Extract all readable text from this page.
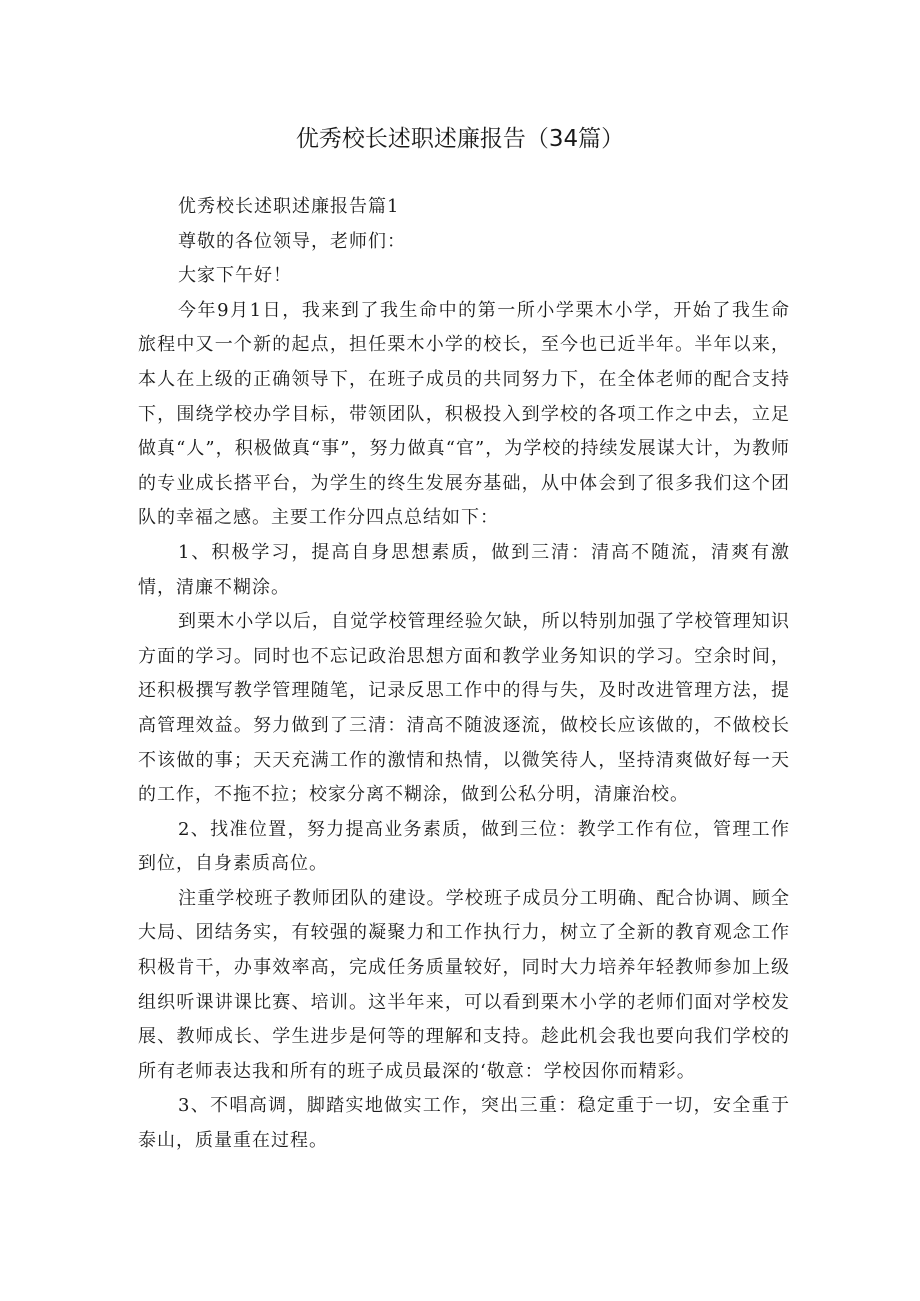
优秀校长述职述廉报告（34篇）

优秀校长述职述廉报告篇1

尊敬的各位领导，老师们：

大家下午好！

今年9月1日，我来到了我生命中的第一所小学栗木小学，开始了我生命旅程中又一个新的起点，担任栗木小学的校长，至今也已近半年。半年以来，本人在上级的正确领导下，在班子成员的共同努力下，在全体老师的配合支持下，围绕学校办学目标，带领团队，积极投入到学校的各项工作之中去，立足做真“人”，积极做真“事”，努力做真“官”，为学校的持续发展谋大计，为教师的专业成长搭平台，为学生的终生发展夯基础，从中体会到了很多我们这个团队的幸福之感。主要工作分四点总结如下：

1、积极学习，提高自身思想素质，做到三清：清高不随流，清爽有激情，清廉不糊涂。

到栗木小学以后，自觉学校管理经验欠缺，所以特别加强了学校管理知识方面的学习。同时也不忘记政治思想方面和教学业务知识的学习。空余时间，还积极撰写教学管理随笔，记录反思工作中的得与失，及时改进管理方法，提高管理效益。努力做到了三清：清高不随波逐流，做校长应该做的，不做校长不该做的事；天天充满工作的激情和热情，以微笑待人，坚持清爽做好每一天的工作，不拖不拉；校家分离不糊涂，做到公私分明，清廉治校。

2、找准位置，努力提高业务素质，做到三位：教学工作有位，管理工作到位，自身素质高位。

注重学校班子教师团队的建设。学校班子成员分工明确、配合协调、顾全大局、团结务实，有较强的凝聚力和工作执行力，树立了全新的教育观念工作积极肯干，办事效率高，完成任务质量较好，同时大力培养年轻教师参加上级组织听课讲课比赛、培训。这半年来，可以看到栗木小学的老师们面对学校发展、教师成长、学生进步是何等的理解和支持。趁此机会我也要向我们学校的所有老师表达我和所有的班子成员最深的‘敬意：学校因你而精彩。

3、不唱高调，脚踏实地做实工作，突出三重：稳定重于一切，安全重于泰山，质量重在过程。
